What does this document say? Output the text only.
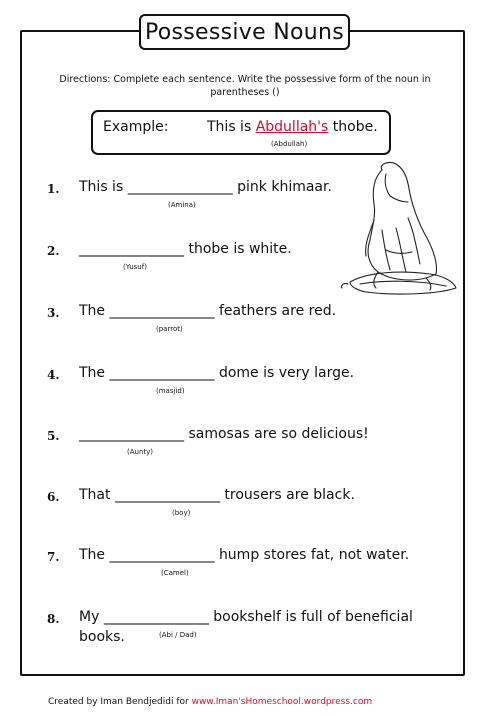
Possessive Nouns
Directions: Complete each sentence. Write the possessive form of the noun in parentheses ()
Example:	This is Abdullah's thobe.
(Abdullah)
1. This is _______________ pink khimaar.
(Amina)
2. _______________ thobe is white.
(Yusuf)
3. The _______________ feathers are red.
(parrot)
4. The _______________ dome is very large.
(masjid)
5. _______________ samosas are so delicious!
(Aunty)
6. That _______________ trousers are black.
(boy)
7. The _______________ hump stores fat, not water.
(Camel)
8. My _______________ bookshelf is full of beneficial
books.	(Abi / Dad)
Created by Iman Bendjedidi for www.Iman'sHomeschool.wordpress.com
